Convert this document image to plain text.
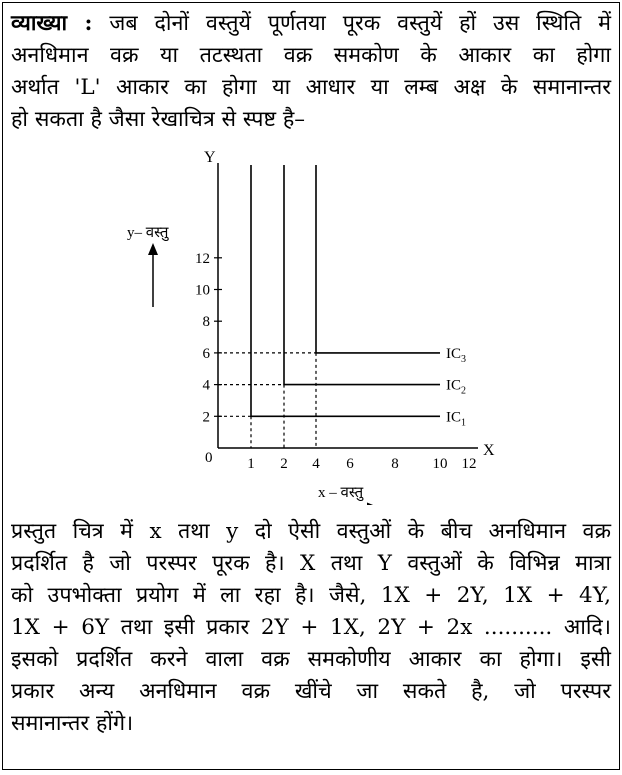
व्याख्या : जब दोनों वस्तुयें पूर्णतया पूरक वस्तुयें हों उस स्थिति में
अनधिमान वक्र या तटस्थता वक्र समकोण के आकार का होगा
अर्थात 'L' आकार का होगा या आधार या लम्ब अक्ष के समानान्तर
हो सकता है जैसा रेखाचित्र से स्पष्ट है–

y– वस्तु
x – वस्तु
Y
X
0
2
4
6
8
10
12
1 2 4 6	8 10 12
$IC_1$
$IC_2$
$IC_3$

प्रस्तुत चित्र में x तथा y दो ऐसी वस्तुओं के बीच अनधिमान वक्र
प्रदर्शित है जो परस्पर पूरक है। X तथा Y वस्तुओं के विभिन्न मात्रा
को उपभोक्ता प्रयोग में ला रहा है। जैसे, 1X + 2Y, 1X + 4Y,
1X + 6Y तथा इसी प्रकार 2Y + 1X, 2Y + 2x .......... आदि।
इसको प्रदर्शित करने वाला वक्र समकोणीय आकार का होगा। इसी
प्रकार अन्य अनधिमान वक्र खींचे जा सकते है, जो परस्पर
समानान्तर होंगे।
